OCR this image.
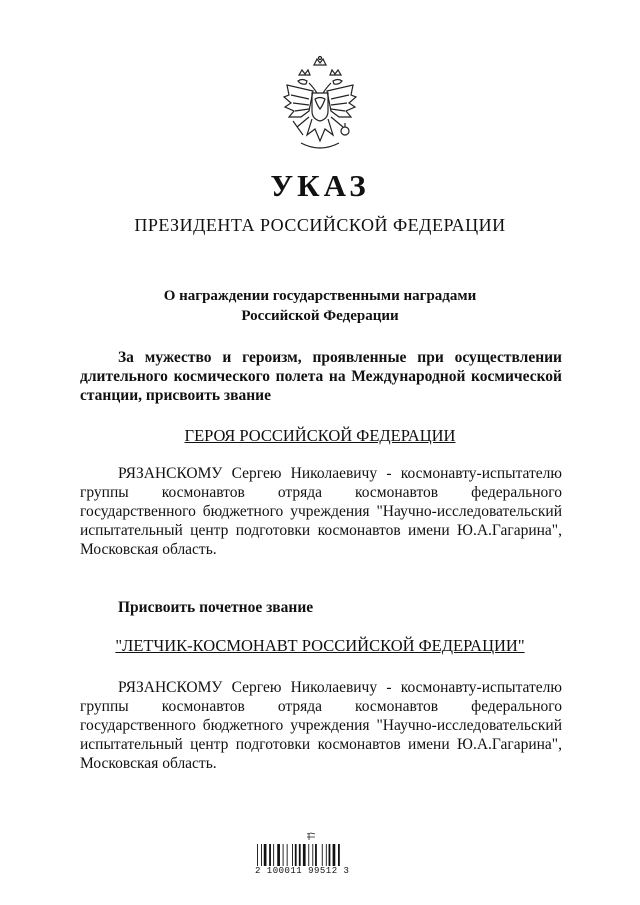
УКАЗ
ПРЕЗИДЕНТА РОССИЙСКОЙ ФЕДЕРАЦИИ
О награждении государственными наградами
Российской Федерации

За мужество и героизм, проявленные при осуществлении длительного космического полета на Международной космической станции, присвоить звание

ГЕРОЯ РОССИЙСКОЙ ФЕДЕРАЦИИ

РЯЗАНСКОМУ Сергею Николаевичу - космонавту-испытателю группы космонавтов отряда космонавтов федерального государственного бюджетного учреждения "Научно-исследовательский испытательный центр подготовки космонавтов имени Ю.А.Гагарина", Московская область.

Присвоить почетное звание

"ЛЕТЧИК-КОСМОНАВТ РОССИЙСКОЙ ФЕДЕРАЦИИ"

РЯЗАНСКОМУ Сергею Николаевичу - космонавту-испытателю группы космонавтов отряда космонавтов федерального государственного бюджетного учреждения "Научно-исследовательский испытательный центр подготовки космонавтов имени Ю.А.Гагарина", Московская область.

2 100011 99512 3
